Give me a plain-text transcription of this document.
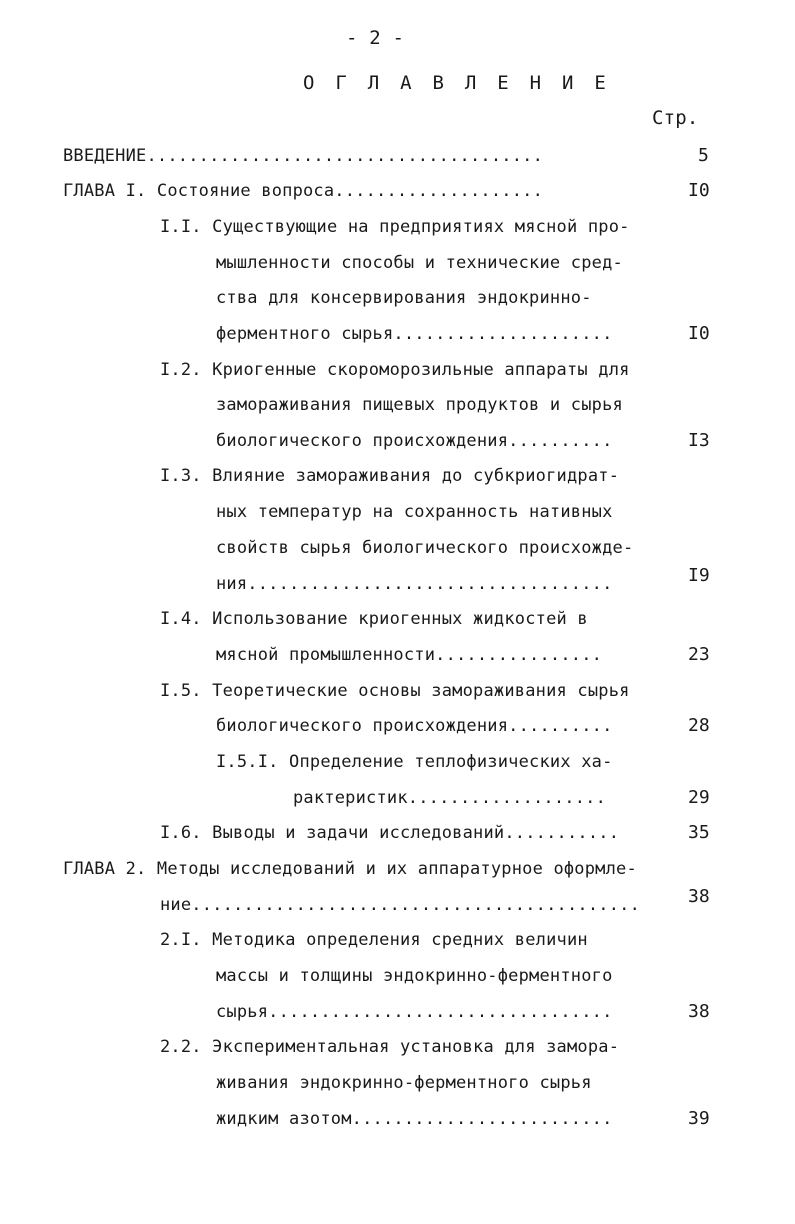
- 2 -
О Г Л А В Л Е Н И Е
Стр.
ВВЕДЕНИЕ......................................	5
ГЛАВА I. Состояние вопроса....................	I0
I.I. Существующие на предприятиях мясной про-
мышленности способы и технические сред-
ства для консервирования эндокринно-
ферментного сырья.....................	I0
I.2. Криогенные скороморозильные аппараты для
замораживания пищевых продуктов и сырья
биологического происхождения..........	I3
I.3. Влияние замораживания до субкриогидрат-
ных температур на сохранность нативных
свойств сырья биологического происхожде-
ния...................................	I9
I.4. Использование криогенных жидкостей в
мясной промышленности................	23
I.5. Теоретические основы замораживания сырья
биологического происхождения..........	28
I.5.I. Определение теплофизических ха-
рактеристик...................	29
I.6. Выводы и задачи исследований...........	35
ГЛАВА 2. Методы исследований и их аппаратурное оформле-
ние...........................................	38
2.I. Методика определения средних величин
массы и толщины эндокринно-ферментного
сырья.................................	38
2.2. Экспериментальная установка для замора-
живания эндокринно-ферментного сырья
жидким азотом.........................	39
